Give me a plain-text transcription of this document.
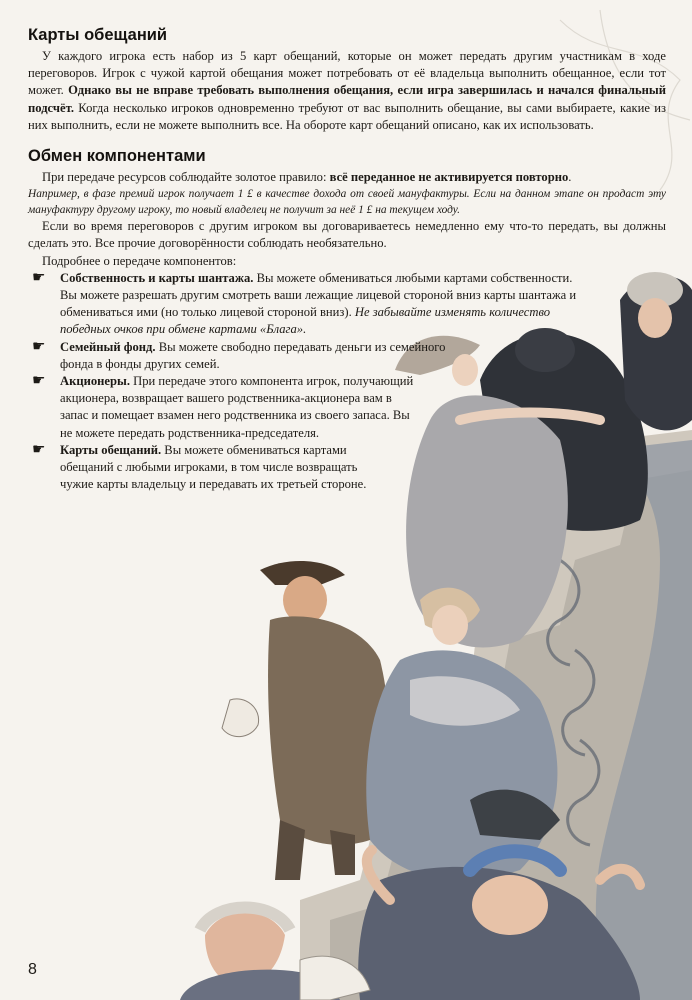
Карты обещаний

У каждого игрока есть набор из 5 карт обещаний, которые он может передать другим участникам в ходе переговоров. Игрок с чужой картой обещания может потребовать от её владельца выполнить обещанное, если тот может. Однако вы не вправе требовать выполнения обещания, если игра завершилась и начался финальный подсчёт. Когда несколько игроков одновременно требуют от вас выполнить обещание, вы сами выбираете, какие из них выполнить, если не можете выполнить все. На обороте карт обещаний описано, как их использовать.

Обмен компонентами

При передаче ресурсов соблюдайте золотое правило: всё переданное не активируется повторно.

Например, в фазе премий игрок получает 1 £ в качестве дохода от своей мануфактуры. Если на данном этапе он продаст эту мануфактуру другому игроку, то новый владелец не получит за неё 1 £ на текущем ходу.

Если во время переговоров с другим игроком вы договариваетесь немедленно ему что-то передать, вы должны сделать это. Все прочие договорённости соблюдать необязательно.

Подробнее о передаче компонентов:

☛ Собственность и карты шантажа. Вы можете обмениваться любыми картами собственности. Вы можете разрешать другим смотреть ваши лежащие лицевой стороной вниз карты шантажа и обмениваться ими (но только лицевой стороной вниз). Не забывайте изменять количество победных очков при обмене картами «Блага».
☛ Семейный фонд. Вы можете свободно передавать деньги из семейного фонда в фонды других семей.
☛ Акционеры. При передаче этого компонента игрок, получающий акционера, возвращает вашего родственника-акционера вам в запас и помещает взамен него родственника из своего запаса. Вы не можете передать родственника-председателя.
☛ Карты обещаний. Вы можете обмениваться картами обещаний с любыми игроками, в том числе возвращать чужие карты владельцу и передавать их третьей стороне.
8
